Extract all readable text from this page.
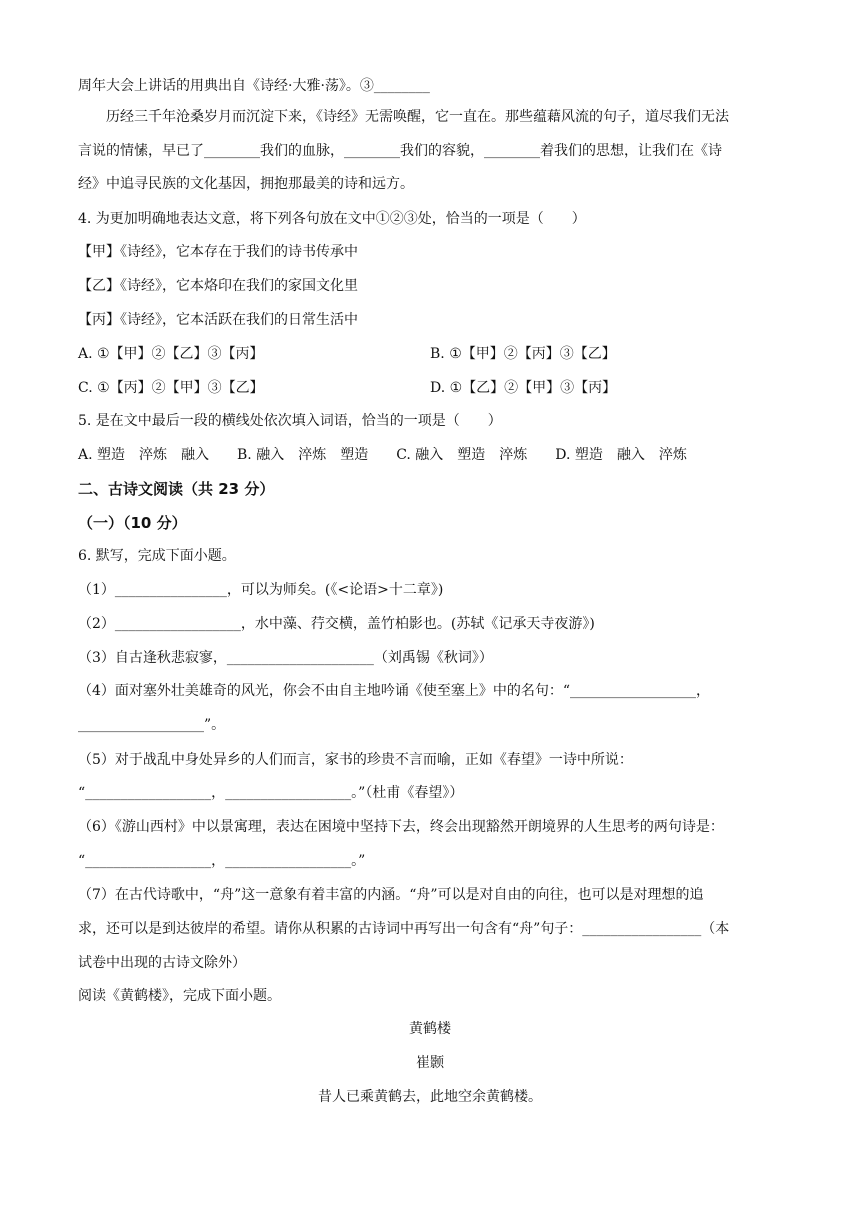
周年大会上讲话的用典出自《诗经·大雅·荡》。③________
历经三千年沧桑岁月而沉淀下来，《诗经》无需唤醒，它一直在。那些蕴藉风流的句子，道尽我们无法
言说的情愫，早已了________我们的血脉，________我们的容貌，________着我们的思想，让我们在《诗
经》中追寻民族的文化基因，拥抱那最美的诗和远方。
4. 为更加明确地表达文意，将下列各句放在文中①②③处，恰当的一项是（　　）
【甲】《诗经》，它本存在于我们的诗书传承中
【乙】《诗经》，它本烙印在我们的家国文化里
【丙】《诗经》，它本活跃在我们的日常生活中
A. ①【甲】②【乙】③【丙】	B. ①【甲】②【丙】③【乙】
C. ①【丙】②【甲】③【乙】	D. ①【乙】②【甲】③【丙】
5. 是在文中最后一段的横线处依次填入词语，恰当的一项是（　　）
A. 塑造　淬炼　融入　　B. 融入　淬炼　塑造　　C. 融入　塑造　淬炼　　D. 塑造　融入　淬炼
二、古诗文阅读（共 23 分）
（一）（10 分）
6. 默写，完成下面小题。
（1）________________，可以为师矣。(《<论语>十二章》)
（2）__________________，水中藻、荇交横，盖竹柏影也。(苏轼《记承天寺夜游》)
（3）自古逢秋悲寂寥，_____________________（刘禹锡《秋词》）
（4）面对塞外壮美雄奇的风光，你会不由自主地吟诵《使至塞上》中的名句：“__________________，
__________________”。
（5）对于战乱中身处异乡的人们而言，家书的珍贵不言而喻，正如《春望》一诗中所说：
“__________________，__________________。”（杜甫《春望》）
（6）《游山西村》中以景寓理，表达在困境中坚持下去，终会出现豁然开朗境界的人生思考的两句诗是：
“__________________，__________________。”
（7）在古代诗歌中，“舟”这一意象有着丰富的内涵。“舟”可以是对自由的向往，也可以是对理想的追
求，还可以是到达彼岸的希望。请你从积累的古诗词中再写出一句含有“舟”句子：_________________（本
试卷中出现的古诗文除外）
阅读《黄鹤楼》，完成下面小题。
黄鹤楼
崔颢
昔人已乘黄鹤去，此地空余黄鹤楼。
